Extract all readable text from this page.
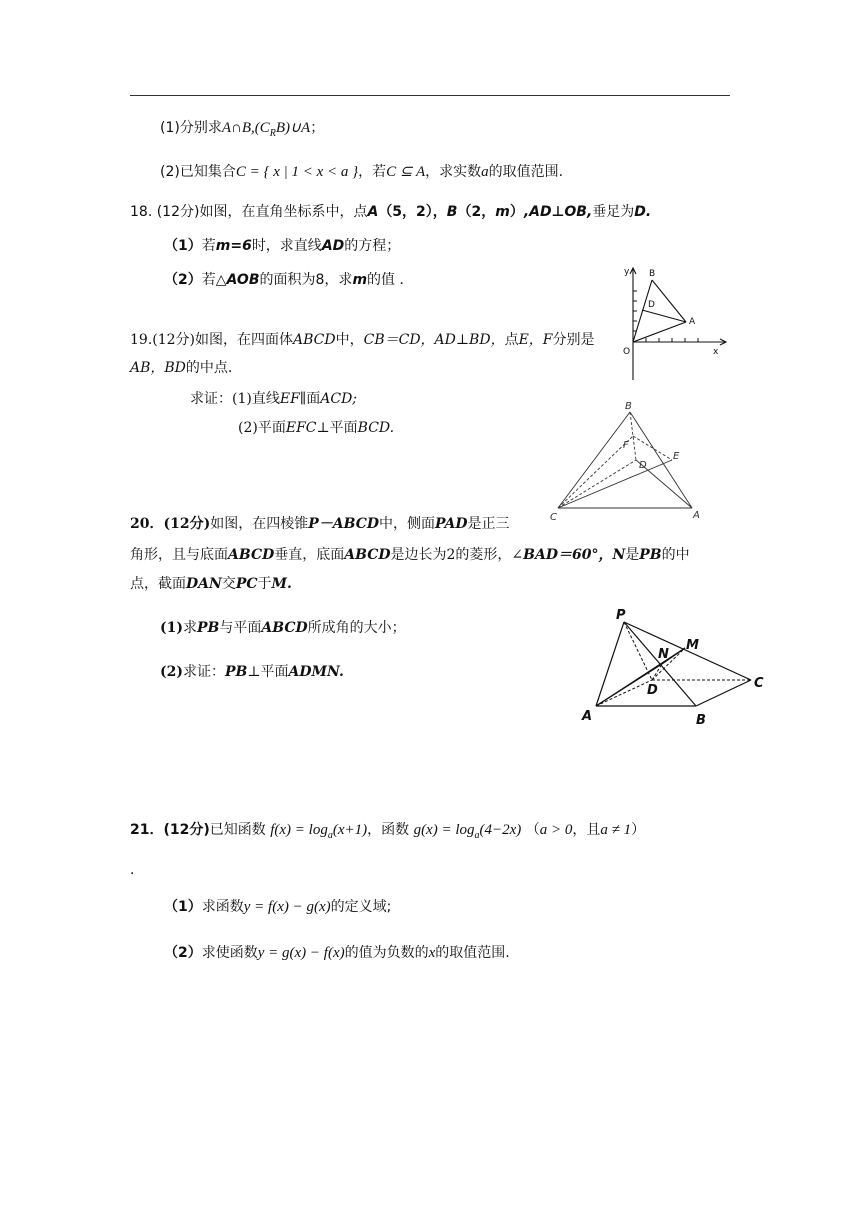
(1)分别求$A\cap B,(C_RB)\cup A$；
(2)已知集合C = { x | 1 < x < a }，若C ⊆ A，求实数a的取值范围.
18. (12分)如图，在直角坐标系中，点A（5，2），B（2，m）,AD⊥OB,垂足为D.
（1）若m=6时，求直线AD的方程；
（2）若△AOB的面积为8，求m的值 ．	y
x
O
B
D
A
19.(12分)如图，在四面体ABCD中，CB＝CD，AD⊥BD，点E，F分别是
AB，BD的中点．
求证：(1)直线EF∥面ACD;
(2)平面EFC⊥平面BCD.
B
F
D
E
C	A
20．(12分)如图，在四棱锥P－ABCD中，侧面PAD是正三
角形，且与底面ABCD垂直，底面ABCD是边长为2的菱形，∠BAD＝60°，N是PB的中
点，截面DAN交PC于M.
(1)求PB与平面ABCD所成角的大小；
(2)求证：PB⊥平面ADMN.
P
M
N
D	C
A	B
21．(12分)已知函数 $f(x) = \log_a(x+1)$，函数 $g(x) = \log_a(4-2x) (a > 0$，且a ≠ 1）
.
（1）求函数y = f(x) − g(x)的定义域;
（2）求使函数y = g(x) − f(x)的值为负数的x的取值范围.
